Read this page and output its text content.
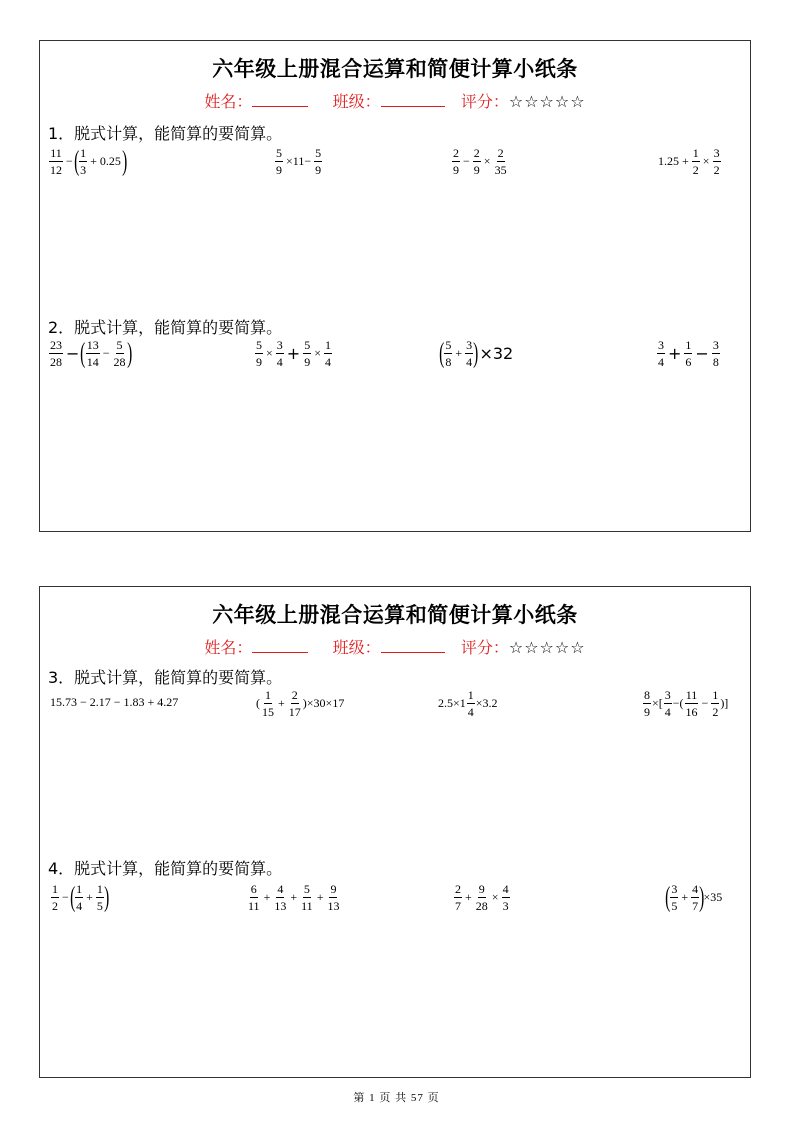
六年级上册混合运算和简便计算小纸条
姓名：	班级：	评分：☆☆☆☆☆
1．脱式计算，能简算的要简算。
$\frac{11}{12}$ − ( $\frac{1}{3} + 0.25$ )	$\frac{5}{9} \times 11- \frac{5}{9}$	$\frac{2}{9} - \frac{2}{9} \times \frac{2}{35}$	$1.25 + \frac{1}{2} \times \frac{3}{2}$
2．脱式计算，能简算的要简算。
$\frac{23}{28}$ − ( $\frac{13}{14} - \frac{5}{28}$ )	$\frac{5}{9} \times \frac{3}{4} + \frac{5}{9} \times \frac{1}{4}$	( $\frac{5}{8} + \frac{3}{4}$ ) ×32	$\frac{3}{4} + \frac{1}{6} - \frac{3}{8}$
六年级上册混合运算和简便计算小纸条
姓名：	班级：	评分：☆☆☆☆☆
3．脱式计算，能简算的要简算。
15.73 − 2.17 − 1.83 + 4.27	( $\frac{1}{15} + \frac{2}{17} )\times 30\times 17$	$2.5\times 1 \frac{1}{4} \times 3.2$	$\frac{8}{9}$ ×[ $\frac{3}{4}$ −( $\frac{11}{16} - \frac{1}{2}$ )]
4．脱式计算，能简算的要简算。
$\frac{1}{2}$ − ( $\frac{1}{4} + \frac{1}{5}$ )	$\frac{6}{11} + \frac{4}{13} + \frac{5}{11} + \frac{9}{13}$	$\frac{2}{7} + \frac{9}{28} \times \frac{4}{3}$	( $\frac{3}{5} + \frac{4}{7}$ ) ×35
第 1 页 共 57 页
